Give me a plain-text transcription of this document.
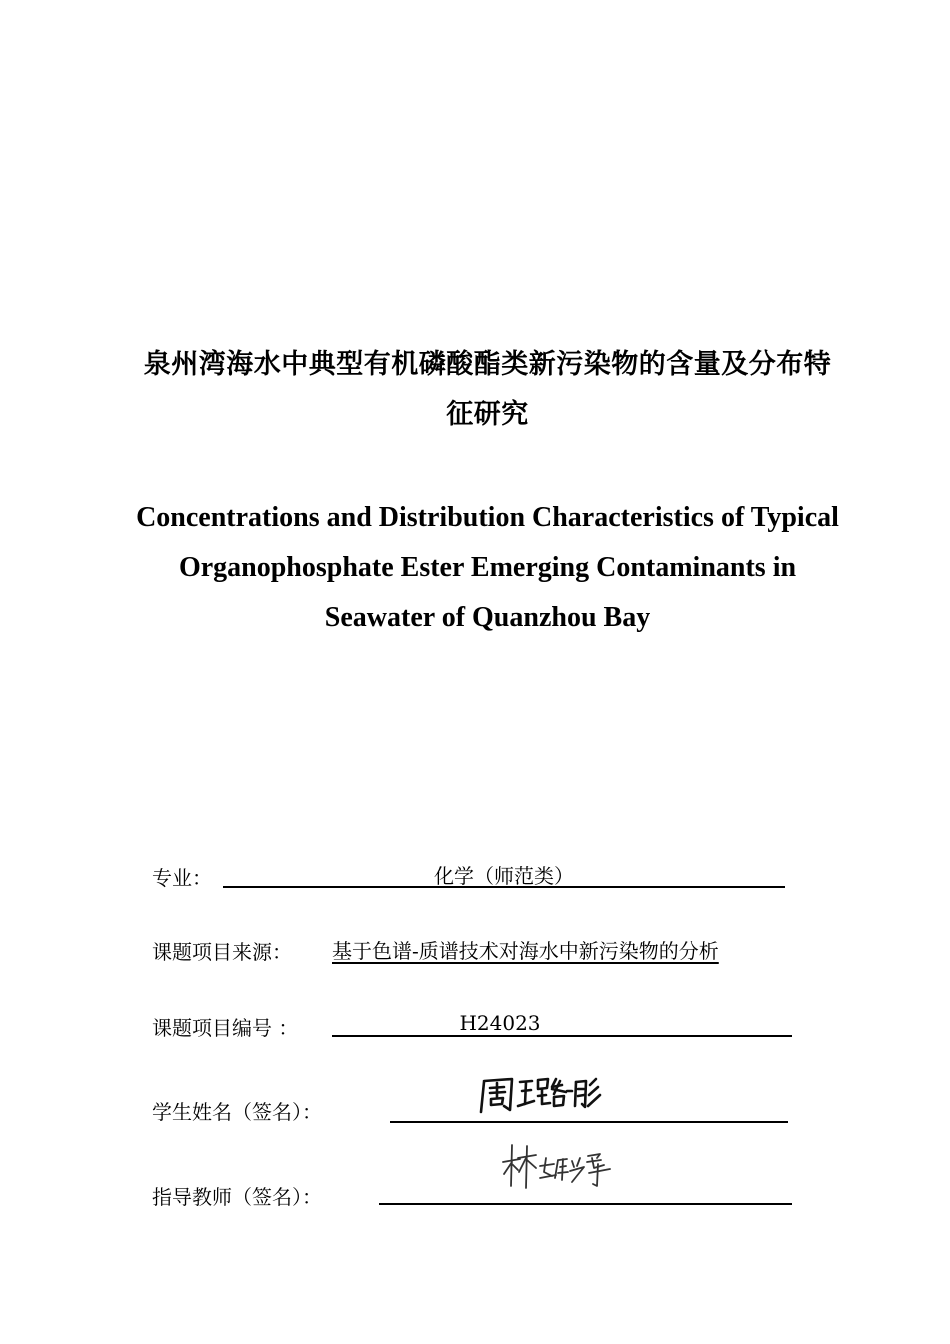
泉州湾海水中典型有机磷酸酯类新污染物的含量及分布特
征研究
Concentrations and Distribution Characteristics of Typical
Organophosphate Ester Emerging Contaminants in
Seawater of Quanzhou Bay
专业：	化学（师范类）
课题项目来源： 基于色谱-质谱技术对海水中新污染物的分析
课题项目编号 ：	H24023
学生姓名（签名）：
指导教师（签名）：
